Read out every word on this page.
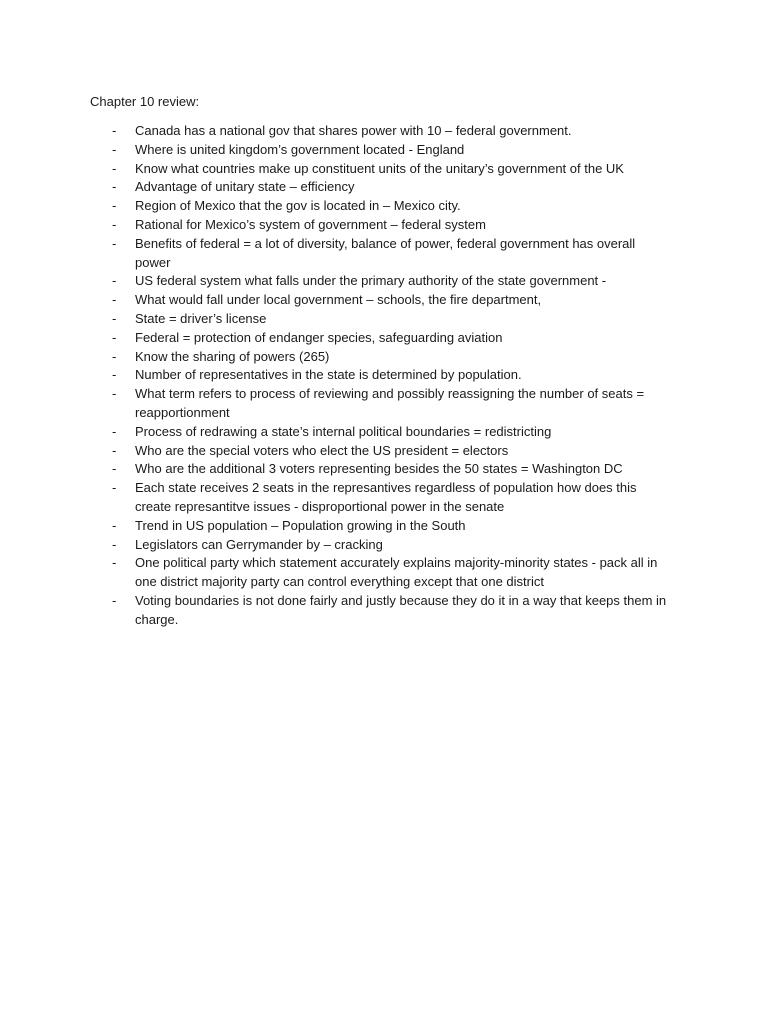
Chapter 10 review:

- Canada has a national gov that shares power with 10 – federal government.
- Where is united kingdom’s government located - England
- Know what countries make up constituent units of the unitary’s government of the UK
- Advantage of unitary state – efficiency
- Region of Mexico that the gov is located in – Mexico city.
- Rational for Mexico’s system of government – federal system
- Benefits of federal = a lot of diversity, balance of power, federal government has overall power
- US federal system what falls under the primary authority of the state government -
- What would fall under local government – schools, the fire department,
- State = driver’s license
- Federal = protection of endanger species, safeguarding aviation
- Know the sharing of powers (265)
- Number of representatives in the state is determined by population.
- What term refers to process of reviewing and possibly reassigning the number of seats = reapportionment
- Process of redrawing a state’s internal political boundaries = redistricting
- Who are the special voters who elect the US president = electors
- Who are the additional 3 voters representing besides the 50 states = Washington DC
- Each state receives 2 seats in the represantives regardless of population how does this create represantitve issues - disproportional power in the senate
- Trend in US population – Population growing in the South
- Legislators can Gerrymander by – cracking
- One political party which statement accurately explains majority-minority states - pack all in one district majority party can control everything except that one district
- Voting boundaries is not done fairly and justly because they do it in a way that keeps them in charge.
